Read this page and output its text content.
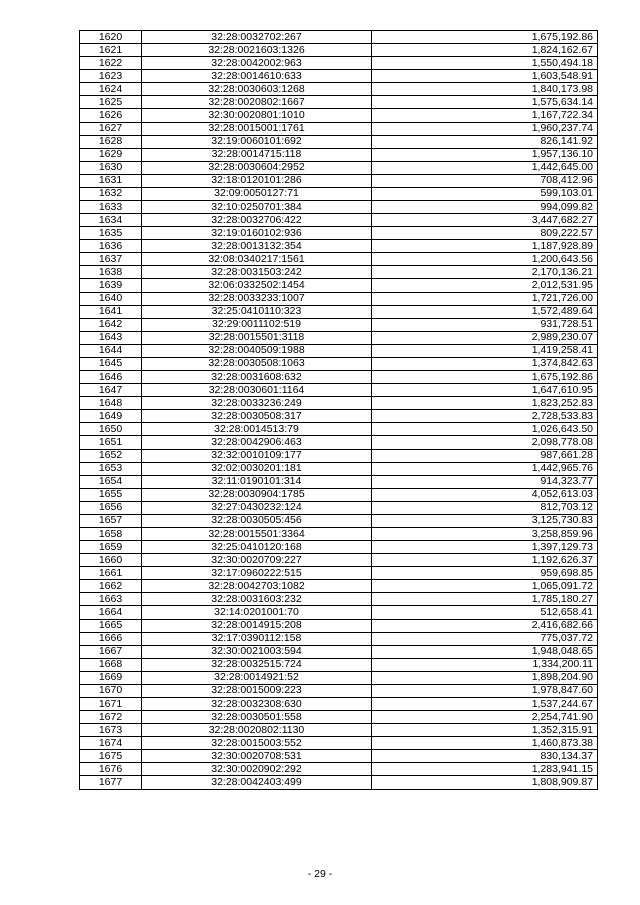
1620	32:28:0032702:267	1,675,192.86
1621	32:28:0021603:1326	1,824,162.67
1622	32:28:0042002:963	1,550,494.18
1623	32:28:0014610:633	1,603,548.91
1624	32:28:0030603:1268	1,840,173.98
1625	32:28:0020802:1667	1,575,634.14
1626	32:30:0020801:1010	1,167,722.34
1627	32:28:0015001:1761	1,960,237.74
1628	32:19:0060101:692	826,141.92
1629	32:28:0014715:118	1,957,136.10
1630	32:28:0030604:2952	1,442,645.00
1631	32:18:0120101:286	708,412.96
1632	32:09:0050127:71	599,103.01
1633	32:10:0250701:384	994,099.82
1634	32:28:0032706:422	3,447,682.27
1635	32:19:0160102:936	809,222.57
1636	32:28:0013132:354	1,187,928.89
1637	32:08:0340217:1561	1,200,643.56
1638	32:28:0031503:242	2,170,136.21
1639	32:06:0332502:1454	2,012,531.95
1640	32:28:0033233:1007	1,721,726.00
1641	32:25:0410110:323	1,572,489.64
1642	32:29:0011102:519	931,728.51
1643	32:28:0015501:3118	2,989,230.07
1644	32:28:0040509:1988	1,419,258.41
1645	32:28:0030508:1063	1,374,842.63
1646	32:28:0031608:632	1,675,192.86
1647	32:28:0030601:1164	1,647,610.95
1648	32:28:0033236:249	1,823,252.83
1649	32:28:0030508:317	2,728,533.83
1650	32:28:0014513:79	1,026,643.50
1651	32:28:0042906:463	2,098,778.08
1652	32:32:0010109:177	987,661.28
1653	32:02:0030201:181	1,442,965.76
1654	32:11:0190101:314	914,323.77
1655	32:28:0030904:1785	4,052,613.03
1656	32:27:0430232:124	812,703.12
1657	32:28:0030505:456	3,125,730.83
1658	32:28:0015501:3364	3,258,859.96
1659	32:25:0410120:168	1,397,129.73
1660	32:30:0020709:227	1,192,626.37
1661	32:17:0960222:515	959,698.85
1662	32:28:0042703:1082	1,065,091.72
1663	32:28:0031603:232	1,785,180.27
1664	32:14:0201001:70	512,658.41
1665	32:28:0014915:208	2,416,682.66
1666	32:17:0390112:158	775,037.72
1667	32:30:0021003:594	1,948,048.65
1668	32:28:0032515:724	1,334,200.11
1669	32:28:0014921:52	1,898,204.90
1670	32:28:0015009:223	1,978,847.60
1671	32:28:0032308:630	1,537,244.67
1672	32:28:0030501:558	2,254,741.90
1673	32:28:0020802:1130	1,352,315.91
1674	32:28:0015003:552	1,460,873.38
1675	32:30:0020708:531	830,134.37
1676	32:30:0020902:292	1,283,941.15
1677	32:28:0042403:499	1,808,909.87
- 29 -
